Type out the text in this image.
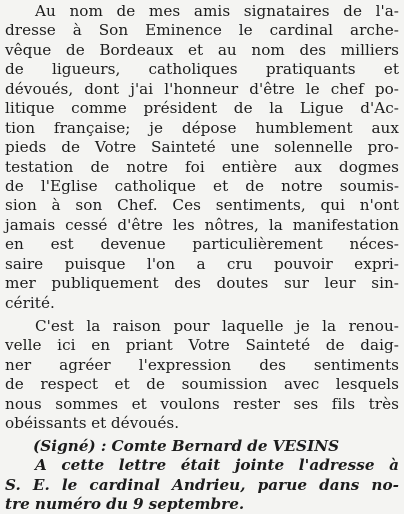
Au nom de mes amis signataires de l'a-
dresse à Son Eminence le cardinal arche-
vêque de Bordeaux et au nom des milliers
de ligueurs, catholiques pratiquants et
dévoués, dont j'ai l'honneur d'être le chef po-
litique comme président de la Ligue d'Ac-
tion française; je dépose humblement aux
pieds de Votre Sainteté une solennelle pro-
testation de notre foi entière aux dogmes
de l'Eglise catholique et de notre soumis-
sion à son Chef. Ces sentiments, qui n'ont
jamais cessé d'être les nôtres, la manifestation
en est devenue particulièrement néces-
saire puisque l'on a cru pouvoir expri-
mer publiquement des doutes sur leur sin-
cérité.
C'est la raison pour laquelle je la renou-
velle ici en priant Votre Sainteté de daig-
ner agréer l'expression des sentiments
de respect et de soumission avec lesquels
nous sommes et voulons rester ses fils très
obéissants et dévoués.
(Signé) : Comte Bernard de VESINS
A cette lettre était jointe l'adresse à
S. E. le cardinal Andrieu, parue dans no-
tre numéro du 9 septembre.
